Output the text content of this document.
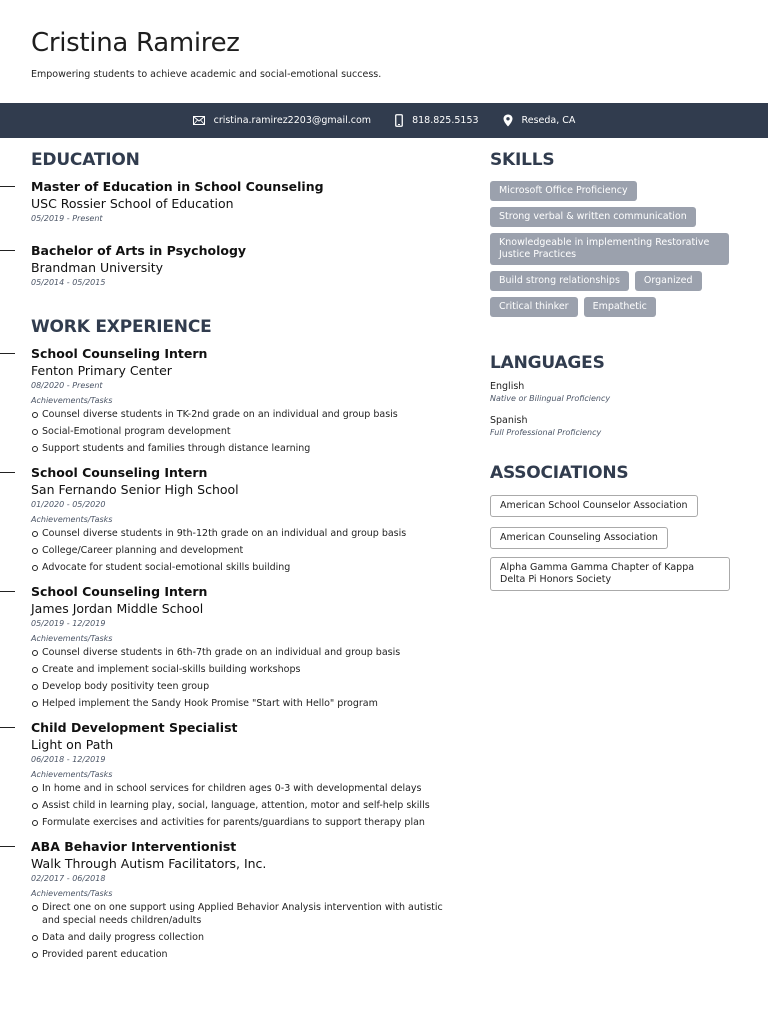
Cristina Ramirez
Empowering students to achieve academic and social-emotional success.
cristina.ramirez2203@gmail.com	818.825.5153	Reseda, CA
EDUCATION
Master of Education in School Counseling
USC Rossier School of Education
05/2019 - Present
Bachelor of Arts in Psychology
Brandman University
05/2014 - 05/2015
WORK EXPERIENCE
School Counseling Intern
Fenton Primary Center
08/2020 - Present
Achievements/Tasks
Counsel diverse students in TK-2nd grade on an individual and group basis
Social-Emotional program development
Support students and families through distance learning
School Counseling Intern
San Fernando Senior High School
01/2020 - 05/2020
Achievements/Tasks
Counsel diverse students in 9th-12th grade on an individual and group basis
College/Career planning and development
Advocate for student social-emotional skills building
School Counseling Intern
James Jordan Middle School
05/2019 - 12/2019
Achievements/Tasks
Counsel diverse students in 6th-7th grade on an individual and group basis
Create and implement social-skills building workshops
Develop body positivity teen group
Helped implement the Sandy Hook Promise "Start with Hello" program
Child Development Specialist
Light on Path
06/2018 - 12/2019
Achievements/Tasks
In home and in school services for children ages 0-3 with developmental delays
Assist child in learning play, social, language, attention, motor and self-help skills
Formulate exercises and activities for parents/guardians to support therapy plan
ABA Behavior Interventionist
Walk Through Autism Facilitators, Inc.
02/2017 - 06/2018
Achievements/Tasks
Direct one on one support using Applied Behavior Analysis intervention with autistic and special needs children/adults
Data and daily progress collection
Provided parent education
SKILLS
Microsoft Office Proficiency
Strong verbal & written communication
Knowledgeable in implementing Restorative Justice Practices
Build strong relationships	Organized
Critical thinker	Empathetic
LANGUAGES
English
Native or Bilingual Proficiency
Spanish
Full Professional Proficiency
ASSOCIATIONS
American School Counselor Association
American Counseling Association
Alpha Gamma Gamma Chapter of Kappa Delta Pi Honors Society
